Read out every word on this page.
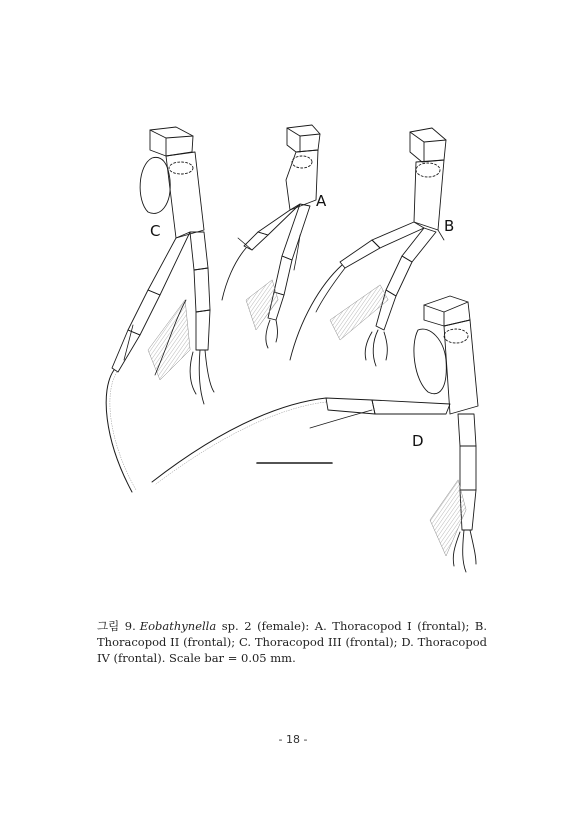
A
B
C
D
그림 9. Eobathynella sp. 2 (female): A. Thoracopod I (frontal); B. Thoracopod II (frontal); C. Thoracopod III (frontal); D. Thoracopod IV (frontal). Scale bar = 0.05 mm.
- 18 -
